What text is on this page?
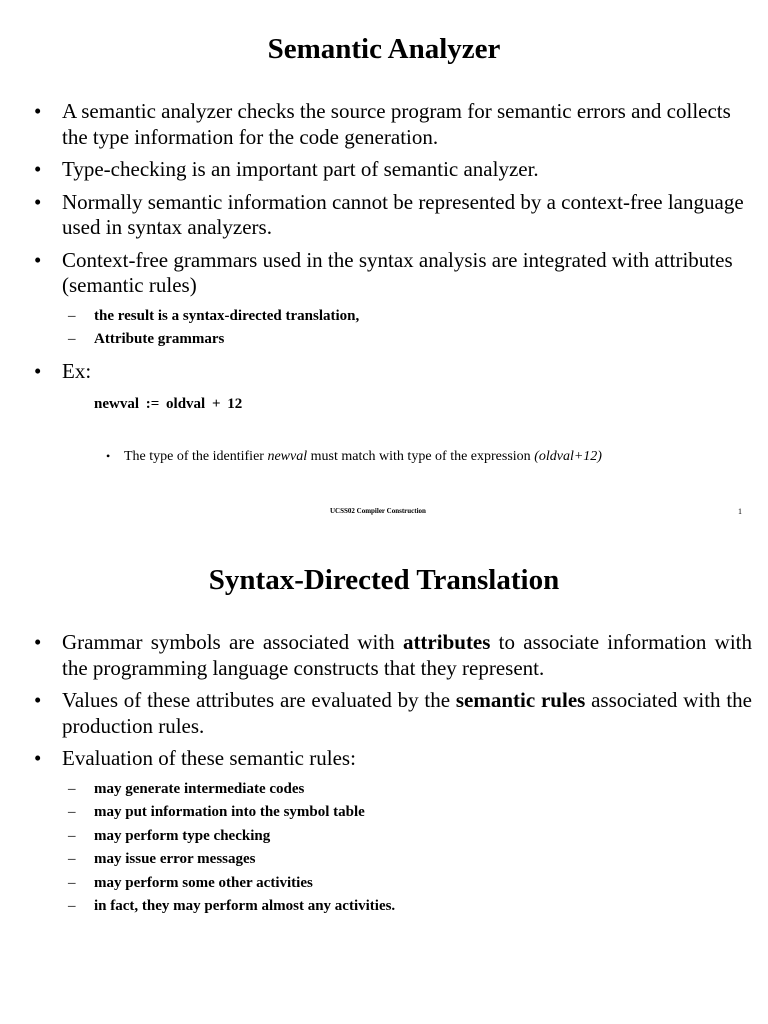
Semantic Analyzer
• A semantic analyzer checks the source program for semantic errors and collects the type information for the code generation.
• Type-checking is an important part of semantic analyzer.
• Normally semantic information cannot be represented by a context-free language used in syntax analyzers.
• Context-free grammars used in the syntax analysis are integrated with attributes (semantic rules)
– the result is a syntax-directed translation,
– Attribute grammars
• Ex:
newval := oldval + 12
• The type of the identifier newval must match with type of the expression (oldval+12)
UCSS02 Compiler Construction	1
Syntax-Directed Translation
• Grammar symbols are associated with attributes to associate information with the programming language constructs that they represent.
• Values of these attributes are evaluated by the semantic rules associated with the production rules.
• Evaluation of these semantic rules:
– may generate intermediate codes
– may put information into the symbol table
– may perform type checking
– may issue error messages
– may perform some other activities
– in fact, they may perform almost any activities.
